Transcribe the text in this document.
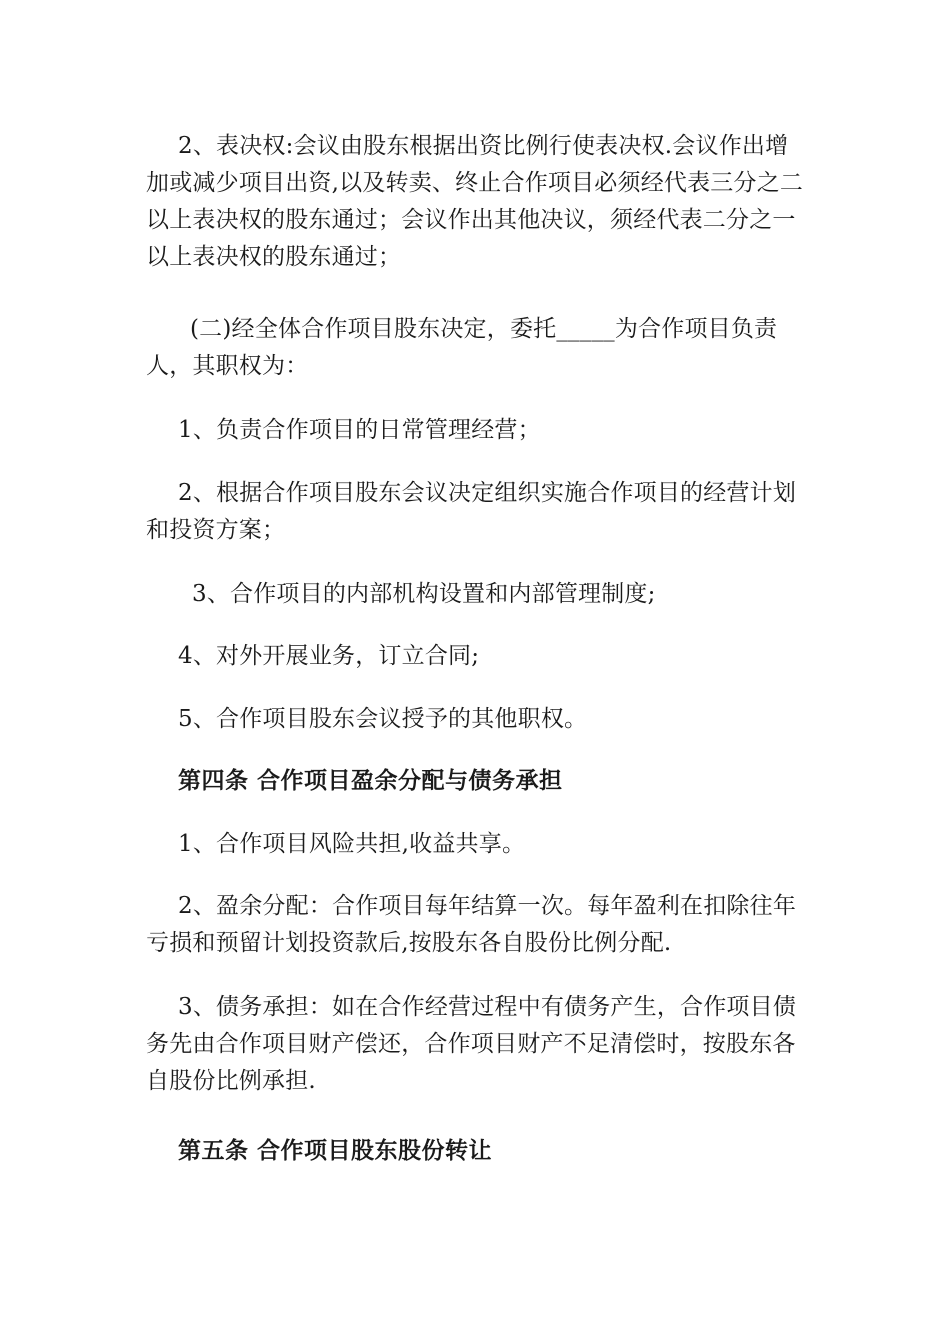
2、表决权:会议由股东根据出资比例行使表决权.会议作出增加或减少项目出资,以及转卖、终止合作项目必须经代表三分之二以上表决权的股东通过；会议作出其他决议，须经代表二分之一以上表决权的股东通过；

(二)经全体合作项目股东决定，委托_____为合作项目负责人，其职权为：

1、负责合作项目的日常管理经营；

2、根据合作项目股东会议决定组织实施合作项目的经营计划和投资方案；

3、合作项目的内部机构设置和内部管理制度;

4、对外开展业务，订立合同;

5、合作项目股东会议授予的其他职权。

第四条 合作项目盈余分配与债务承担

1、合作项目风险共担,收益共享。

2、盈余分配：合作项目每年结算一次。每年盈利在扣除往年亏损和预留计划投资款后,按股东各自股份比例分配.

3、债务承担：如在合作经营过程中有债务产生，合作项目债务先由合作项目财产偿还，合作项目财产不足清偿时，按股东各自股份比例承担.

第五条 合作项目股东股份转让
